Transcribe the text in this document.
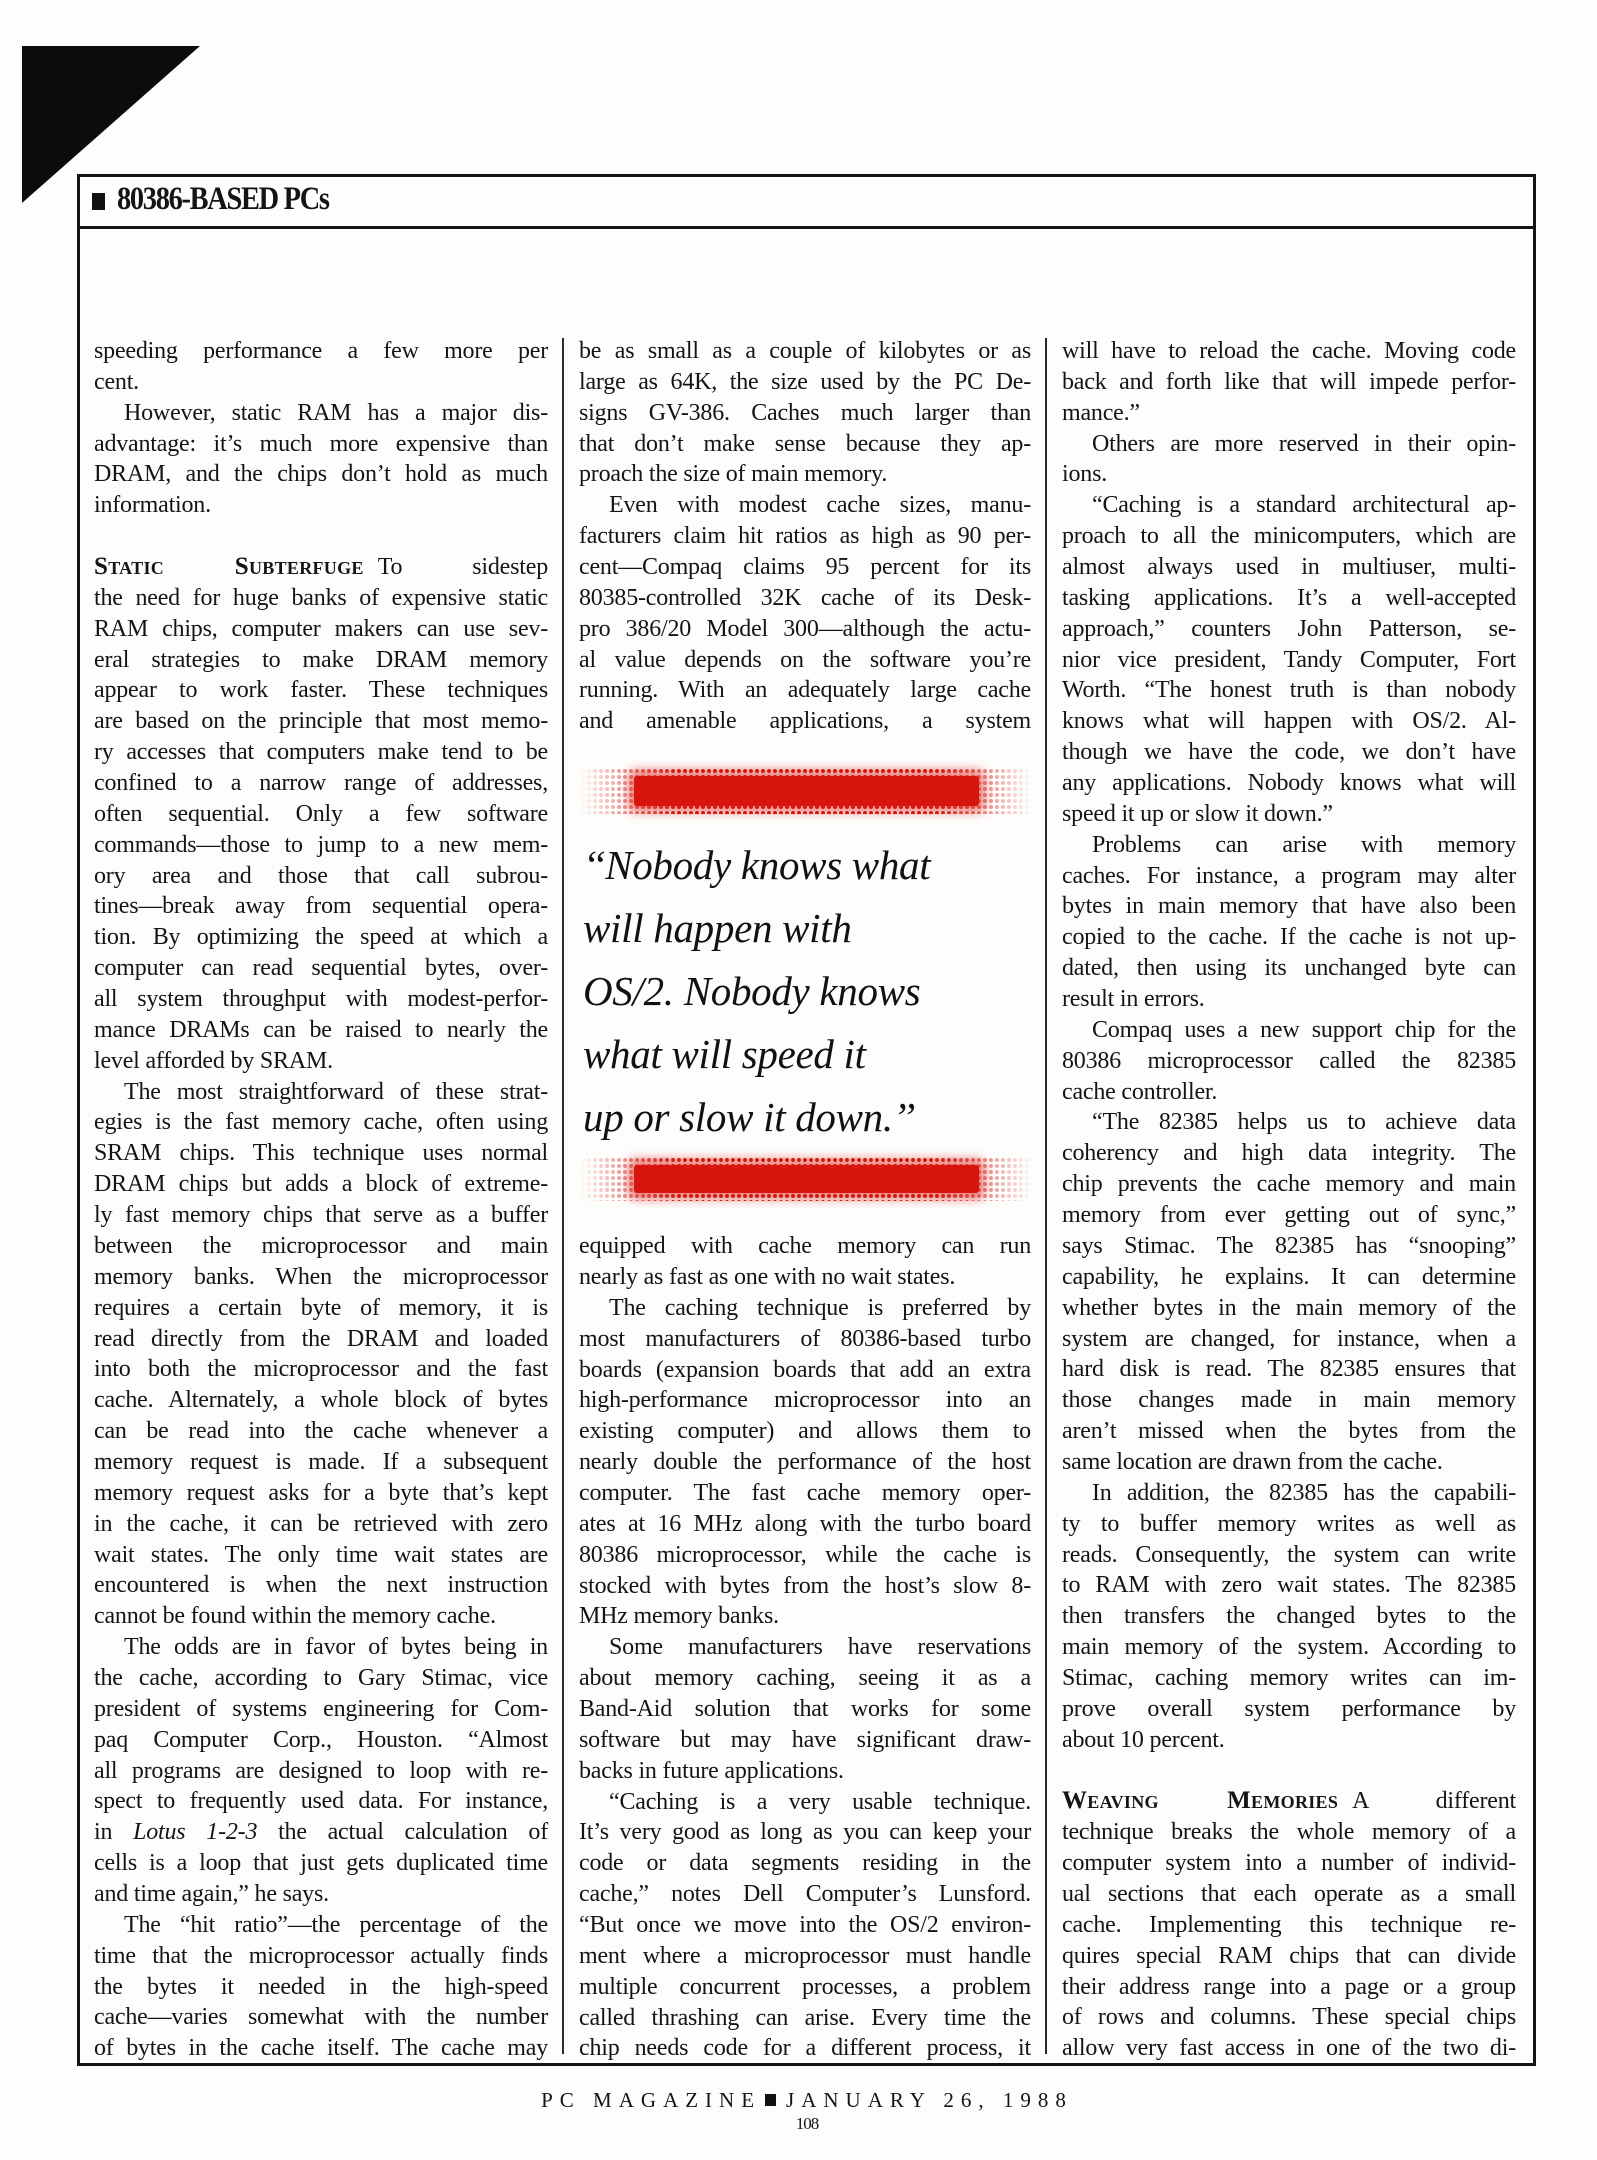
80386-BASED PCs
speeding performance a few more per
cent.
However, static RAM has a major dis-
advantage: it’s much more expensive than
DRAM, and the chips don’t hold as much
information.

Static Subterfuge To sidestep
the need for huge banks of expensive static
RAM chips, computer makers can use sev-
eral strategies to make DRAM memory
appear to work faster. These techniques
are based on the principle that most memo-
ry accesses that computers make tend to be
confined to a narrow range of addresses,
often sequential. Only a few software
commands—those to jump to a new mem-
ory area and those that call subrou-
tines—break away from sequential opera-
tion. By optimizing the speed at which a
computer can read sequential bytes, over-
all system throughput with modest-perfor-
mance DRAMs can be raised to nearly the
level afforded by SRAM.
The most straightforward of these strat-
egies is the fast memory cache, often using
SRAM chips. This technique uses normal
DRAM chips but adds a block of extreme-
ly fast memory chips that serve as a buffer
between the microprocessor and main
memory banks. When the microprocessor
requires a certain byte of memory, it is
read directly from the DRAM and loaded
into both the microprocessor and the fast
cache. Alternately, a whole block of bytes
can be read into the cache whenever a
memory request is made. If a subsequent
memory request asks for a byte that’s kept
in the cache, it can be retrieved with zero
wait states. The only time wait states are
encountered is when the next instruction
cannot be found within the memory cache.
The odds are in favor of bytes being in
the cache, according to Gary Stimac, vice
president of systems engineering for Com-
paq Computer Corp., Houston. “Almost
all programs are designed to loop with re-
spect to frequently used data. For instance,
in Lotus 1-2-3 the actual calculation of
cells is a loop that just gets duplicated time
and time again,” he says.
The “hit ratio”—the percentage of the
time that the microprocessor actually finds
the bytes it needed in the high-speed
cache—varies somewhat with the number
of bytes in the cache itself. The cache may
be as small as a couple of kilobytes or as
large as 64K, the size used by the PC De-
signs GV-386. Caches much larger than
that don’t make sense because they ap-
proach the size of main memory.
Even with modest cache sizes, manu-
facturers claim hit ratios as high as 90 per-
cent—Compaq claims 95 percent for its
80385-controlled 32K cache of its Desk-
pro 386/20 Model 300—although the actu-
al value depends on the software you’re
running. With an adequately large cache
and amenable applications, a system
equipped with cache memory can run
nearly as fast as one with no wait states.
The caching technique is preferred by
most manufacturers of 80386-based turbo
boards (expansion boards that add an extra
high-performance microprocessor into an
existing computer) and allows them to
nearly double the performance of the host
computer. The fast cache memory oper-
ates at 16 MHz along with the turbo board
80386 microprocessor, while the cache is
stocked with bytes from the host’s slow 8-
MHz memory banks.
Some manufacturers have reservations
about memory caching, seeing it as a
Band-Aid solution that works for some
software but may have significant draw-
backs in future applications.
“Caching is a very usable technique.
It’s very good as long as you can keep your
code or data segments residing in the
cache,” notes Dell Computer’s Lunsford.
“But once we move into the OS/2 environ-
ment where a microprocessor must handle
multiple concurrent processes, a problem
called thrashing can arise. Every time the
chip needs code for a different process, it
will have to reload the cache. Moving code
back and forth like that will impede perfor-
mance.”
Others are more reserved in their opin-
ions.
“Caching is a standard architectural ap-
proach to all the minicomputers, which are
almost always used in multiuser, multi-
tasking applications. It’s a well-accepted
approach,” counters John Patterson, se-
nior vice president, Tandy Computer, Fort
Worth. “The honest truth is than nobody
knows what will happen with OS/2. Al-
though we have the code, we don’t have
any applications. Nobody knows what will
speed it up or slow it down.”
Problems can arise with memory
caches. For instance, a program may alter
bytes in main memory that have also been
copied to the cache. If the cache is not up-
dated, then using its unchanged byte can
result in errors.
Compaq uses a new support chip for the
80386 microprocessor called the 82385
cache controller.
“The 82385 helps us to achieve data
coherency and high data integrity. The
chip prevents the cache memory and main
memory from ever getting out of sync,”
says Stimac. The 82385 has “snooping”
capability, he explains. It can determine
whether bytes in the main memory of the
system are changed, for instance, when a
hard disk is read. The 82385 ensures that
those changes made in main memory
aren’t missed when the bytes from the
same location are drawn from the cache.
In addition, the 82385 has the capabili-
ty to buffer memory writes as well as
reads. Consequently, the system can write
to RAM with zero wait states. The 82385
then transfers the changed bytes to the
main memory of the system. According to
Stimac, caching memory writes can im-
prove overall system performance by
about 10 percent.

Weaving Memories A different
technique breaks the whole memory of a
computer system into a number of individ-
ual sections that each operate as a small
cache. Implementing this technique re-
quires special RAM chips that can divide
their address range into a page or a group
of rows and columns. These special chips
allow very fast access in one of the two di-
‘‘Nobody knows what
will happen with
OS/2. Nobody knows
what will speed it
up or slow it down.’’
PC MAGAZINE JANUARY 26, 1988
108
